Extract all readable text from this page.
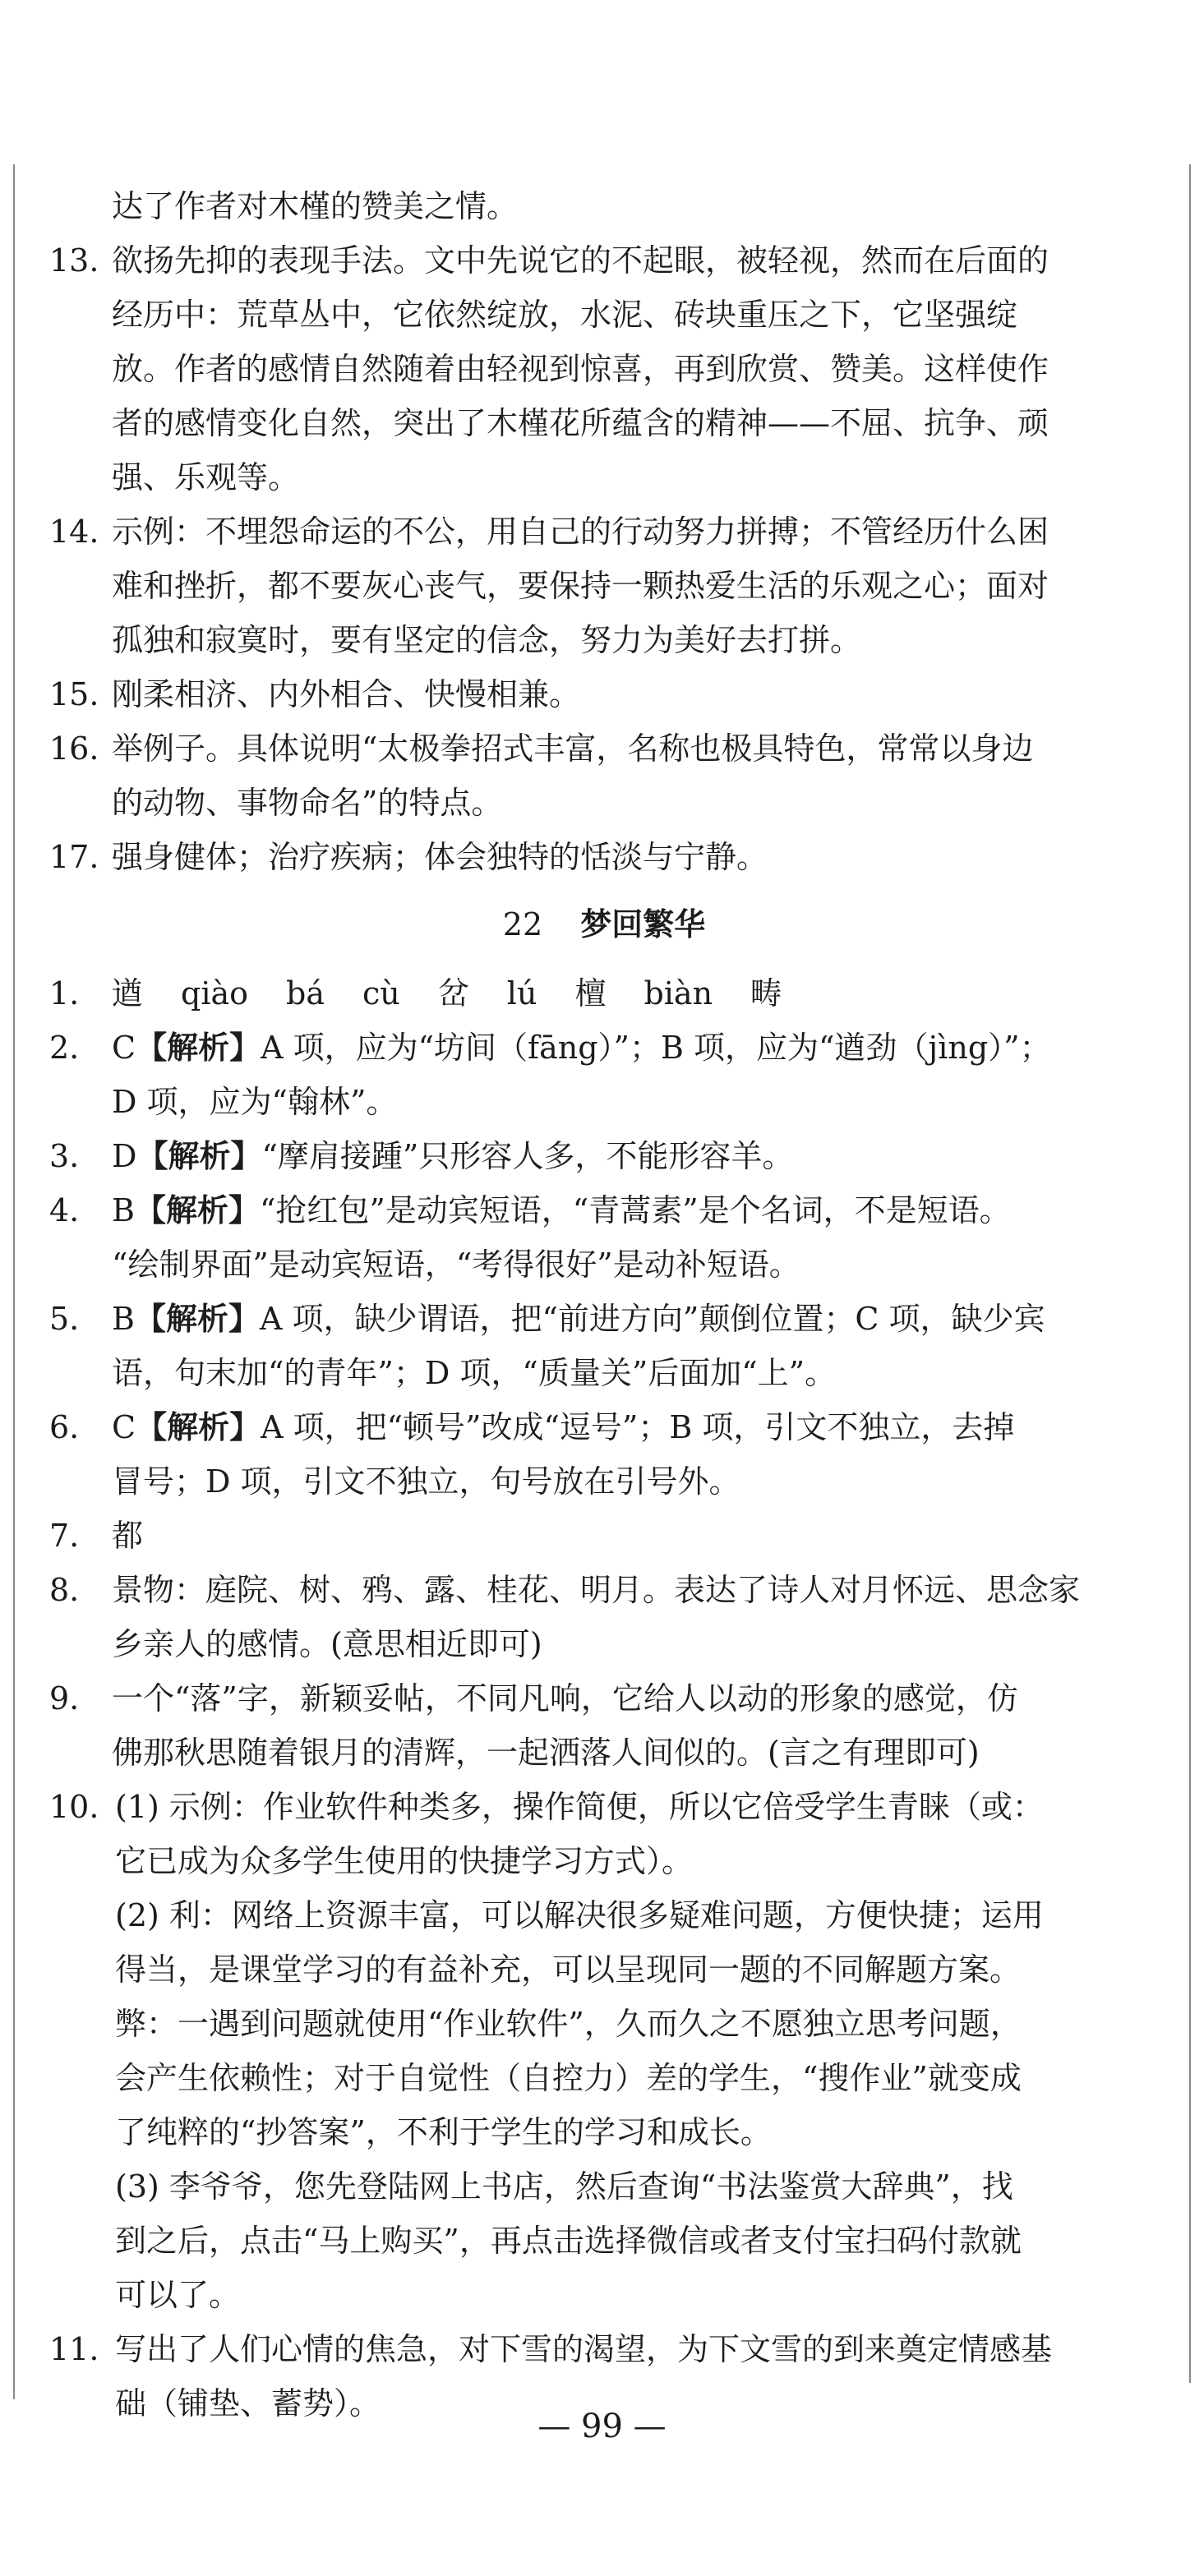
达了作者对木槿的赞美之情。
13. 欲扬先抑的表现手法。文中先说它的不起眼，被轻视，然而在后面的
经历中：荒草丛中，它依然绽放，水泥、砖块重压之下，它坚强绽
放。作者的感情自然随着由轻视到惊喜，再到欣赏、赞美。这样使作
者的感情变化自然，突出了木槿花所蕴含的精神——不屈、抗争、顽
强、乐观等。
14. 示例：不埋怨命运的不公，用自己的行动努力拼搏；不管经历什么困
难和挫折，都不要灰心丧气，要保持一颗热爱生活的乐观之心；面对
孤独和寂寞时，要有坚定的信念，努力为美好去打拼。
15. 刚柔相济、内外相合、快慢相兼。
16. 举例子。具体说明“太极拳招式丰富，名称也极具特色，常常以身边
的动物、事物命名”的特点。
17. 强身健体；治疗疾病；体会独特的恬淡与宁静。
22 梦回繁华
1.	遒 qiào bá cù 岔 lú 檀 biàn 畴
2.	C【解析】A 项，应为“坊间（fāng）”；B 项，应为“遒劲（jìng）”；
D 项，应为“翰林”。
3.	D【解析】“摩肩接踵”只形容人多，不能形容羊。
4.	B【解析】“抢红包”是动宾短语，“青蒿素”是个名词，不是短语。
“绘制界面”是动宾短语，“考得很好”是动补短语。
5.	B【解析】A 项，缺少谓语，把“前进方向”颠倒位置；C 项，缺少宾
语，句末加“的青年”；D 项，“质量关”后面加“上”。
6.	C【解析】A 项，把“顿号”改成“逗号”；B 项，引文不独立，去掉
冒号；D 项，引文不独立，句号放在引号外。
7.	都
8.	景物：庭院、树、鸦、露、桂花、明月。表达了诗人对月怀远、思念家
乡亲人的感情。(意思相近即可)
9.	一个“落”字，新颖妥帖，不同凡响，它给人以动的形象的感觉，仿
佛那秋思随着银月的清辉，一起洒落人间似的。(言之有理即可)
10. (1) 示例：作业软件种类多，操作简便，所以它倍受学生青睐（或：
它已成为众多学生使用的快捷学习方式）。
(2) 利：网络上资源丰富，可以解决很多疑难问题，方便快捷；运用
得当，是课堂学习的有益补充，可以呈现同一题的不同解题方案。
弊：一遇到问题就使用“作业软件”，久而久之不愿独立思考问题，
会产生依赖性；对于自觉性（自控力）差的学生，“搜作业”就变成
了纯粹的“抄答案”，不利于学生的学习和成长。
(3) 李爷爷，您先登陆网上书店，然后查询“书法鉴赏大辞典”，找
到之后，点击“马上购买”，再点击选择微信或者支付宝扫码付款就
可以了。
11. 写出了人们心情的焦急，对下雪的渴望，为下文雪的到来奠定情感基
础（铺垫、蓄势）。
— 99 —
